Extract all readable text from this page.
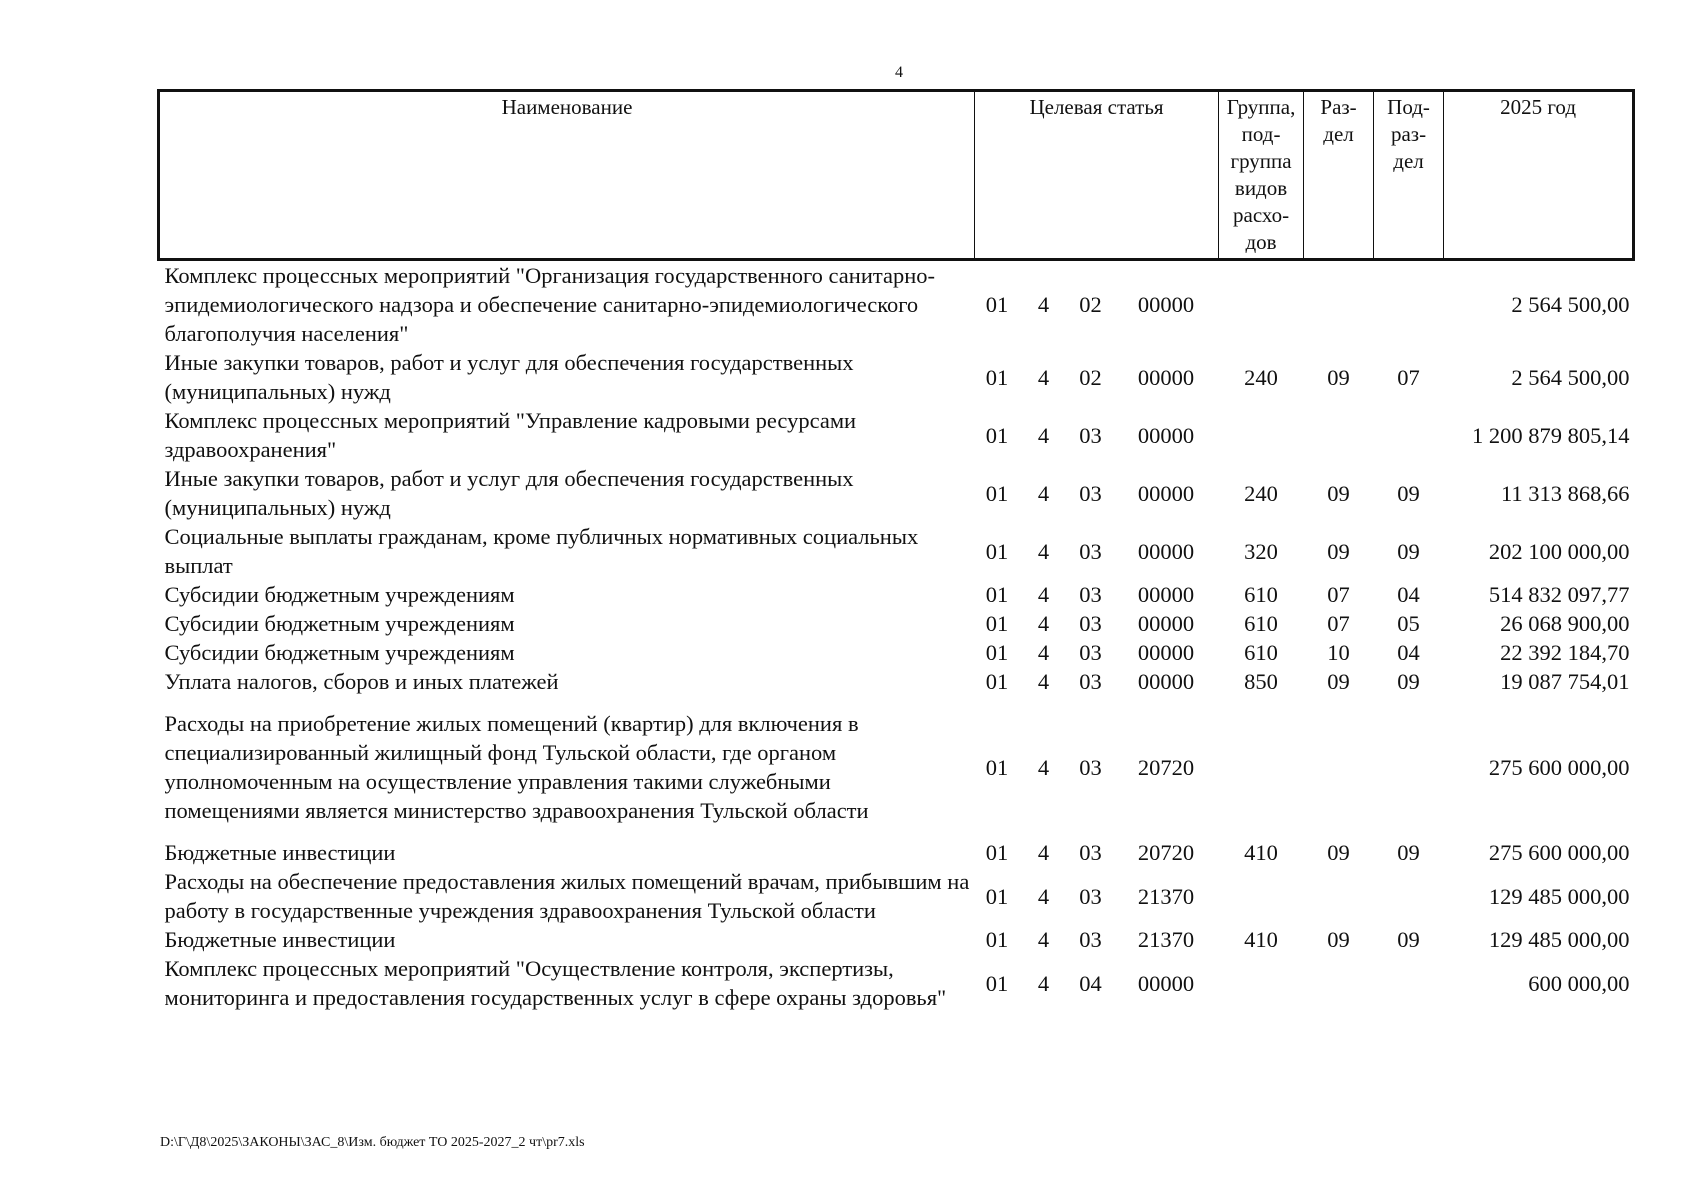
4
Наименование	Целевая статья				Группа, под-группа видов расхо-дов	Раз-дел	Под-раз-дел	2025 год
Комплекс процессных мероприятий "Организация государственного санитарно-эпидемиологического надзора и обеспечение санитарно-эпидемиологического благополучия населения"	01	4	02	00000				2 564 500,00
Иные закупки товаров, работ и услуг для обеспечения государственных (муниципальных) нужд	01	4	02	00000	240	09	07	2 564 500,00
Комплекс процессных мероприятий "Управление кадровыми ресурсами здравоохранения"	01	4	03	00000				1 200 879 805,14
Иные закупки товаров, работ и услуг для обеспечения государственных (муниципальных) нужд	01	4	03	00000	240	09	09	11 313 868,66
Социальные выплаты гражданам, кроме публичных нормативных социальных выплат	01	4	03	00000	320	09	09	202 100 000,00
Субсидии бюджетным учреждениям	01	4	03	00000	610	07	04	514 832 097,77
Субсидии бюджетным учреждениям	01	4	03	00000	610	07	05	26 068 900,00
Субсидии бюджетным учреждениям	01	4	03	00000	610	10	04	22 392 184,70
Уплата налогов, сборов и иных платежей	01	4	03	00000	850	09	09	19 087 754,01
Расходы на приобретение жилых помещений (квартир) для включения в специализированный жилищный фонд Тульской области, где органом уполномоченным на осуществление управления такими служебными помещениями является министерство здравоохранения Тульской области	01	4	03	20720				275 600 000,00
Бюджетные инвестиции	01	4	03	20720	410	09	09	275 600 000,00
Расходы на обеспечение предоставления жилых помещений врачам, прибывшим на работу в государственные учреждения здравоохранения Тульской области	01	4	03	21370				129 485 000,00
Бюджетные инвестиции	01	4	03	21370	410	09	09	129 485 000,00
Комплекс процессных мероприятий "Осуществление контроля, экспертизы, мониторинга и предоставления государственных услуг в сфере охраны здоровья"	01	4	04	00000				600 000,00
D:\Г\Д8\2025\ЗАКОНЫ\ЗАС_8\Изм. бюджет ТО 2025-2027_2 чт\pr7.xls
